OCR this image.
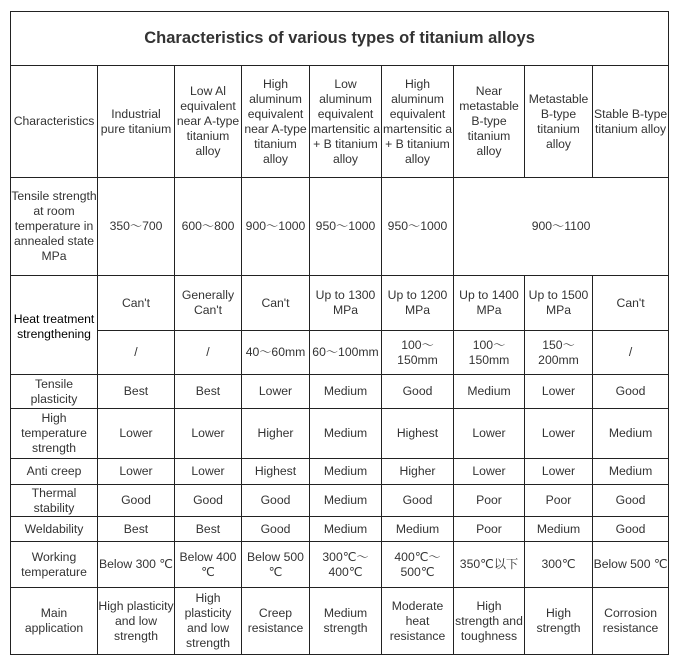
Characteristics of various types of titanium alloys									
Characteristics	Industrial pure titanium	Low Al equivalent near A-type titanium alloy	High aluminum equivalent near A-type titanium alloy	Low aluminum equivalent martensitic a + B titanium alloy	High aluminum equivalent martensitic a + B titanium alloy	Near metastable B-type titanium alloy	Metastable B-type titanium alloy	Stable B-type titanium alloy	
Tensile strength at room temperature in annealed state MPa	350～700	600～800	900～1000	950～1000	950～1000	900～1100	
Heat treatment strengthening	Can't	Generally Can't	Can't	Up to 1300 MPa	Up to 1200 MPa	Up to 1400 MPa	Up to 1500 MPa	Can't	
	/	/	40～60mm	60～100mm	100～150mm	100～150mm	150～200mm	/	
Tensile plasticity	Best	Best	Lower	Medium	Good	Medium	Lower	Good	
High temperature strength	Lower	Lower	Higher	Medium	Highest	Lower	Lower	Medium	
Anti creep	Lower	Lower	Highest	Medium	Higher	Lower	Lower	Medium	
Thermal stability	Good	Good	Good	Medium	Good	Poor	Poor	Good	
Weldability	Best	Best	Good	Medium	Medium	Poor	Medium	Good	
Working temperature	Below 300 ℃	Below 400 ℃	Below 500 ℃	300℃～400℃	400℃～500℃	350℃以下	300℃	Below 500 ℃	
Main application	High plasticity and low strength	High plasticity and low strength	Creep resistance	Medium strength	Moderate heat resistance	High strength and toughness	High strength	Corrosion resistance	
